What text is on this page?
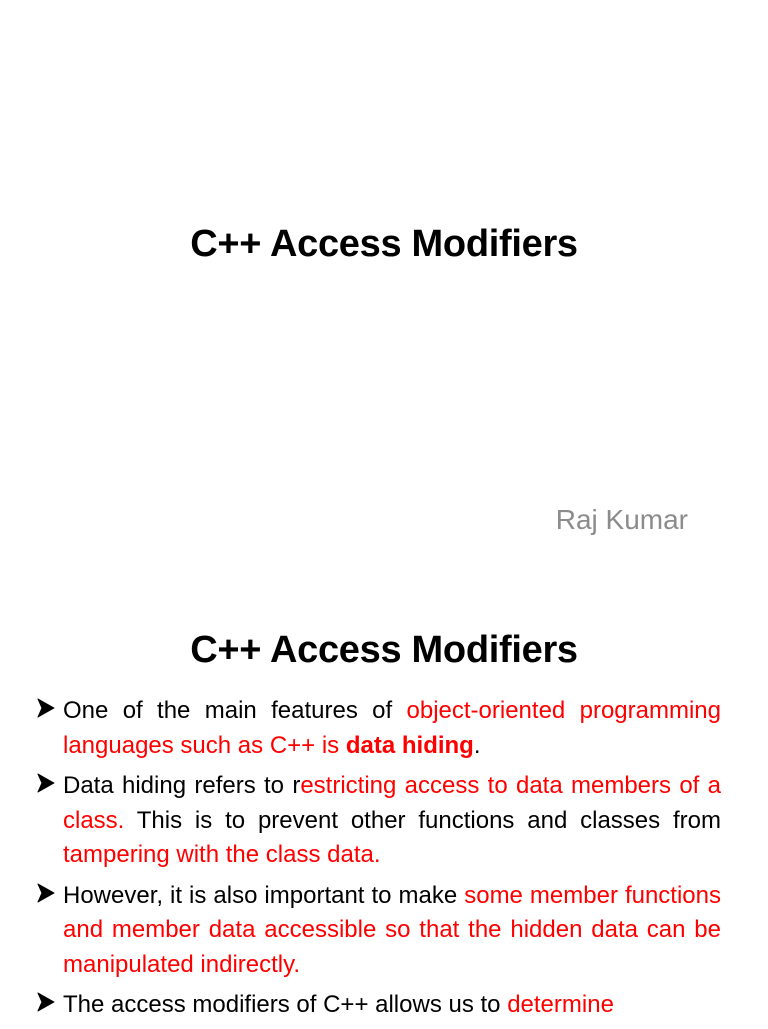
C++ Access Modifiers
Raj Kumar
C++ Access Modifiers
One of the main features of object-oriented programming languages such as C++ is data hiding.
Data hiding refers to restricting access to data members of a class. This is to prevent other functions and classes from tampering with the class data.
However, it is also important to make some member functions and member data accessible so that the hidden data can be manipulated indirectly.
The access modifiers of C++ allows us to determine
